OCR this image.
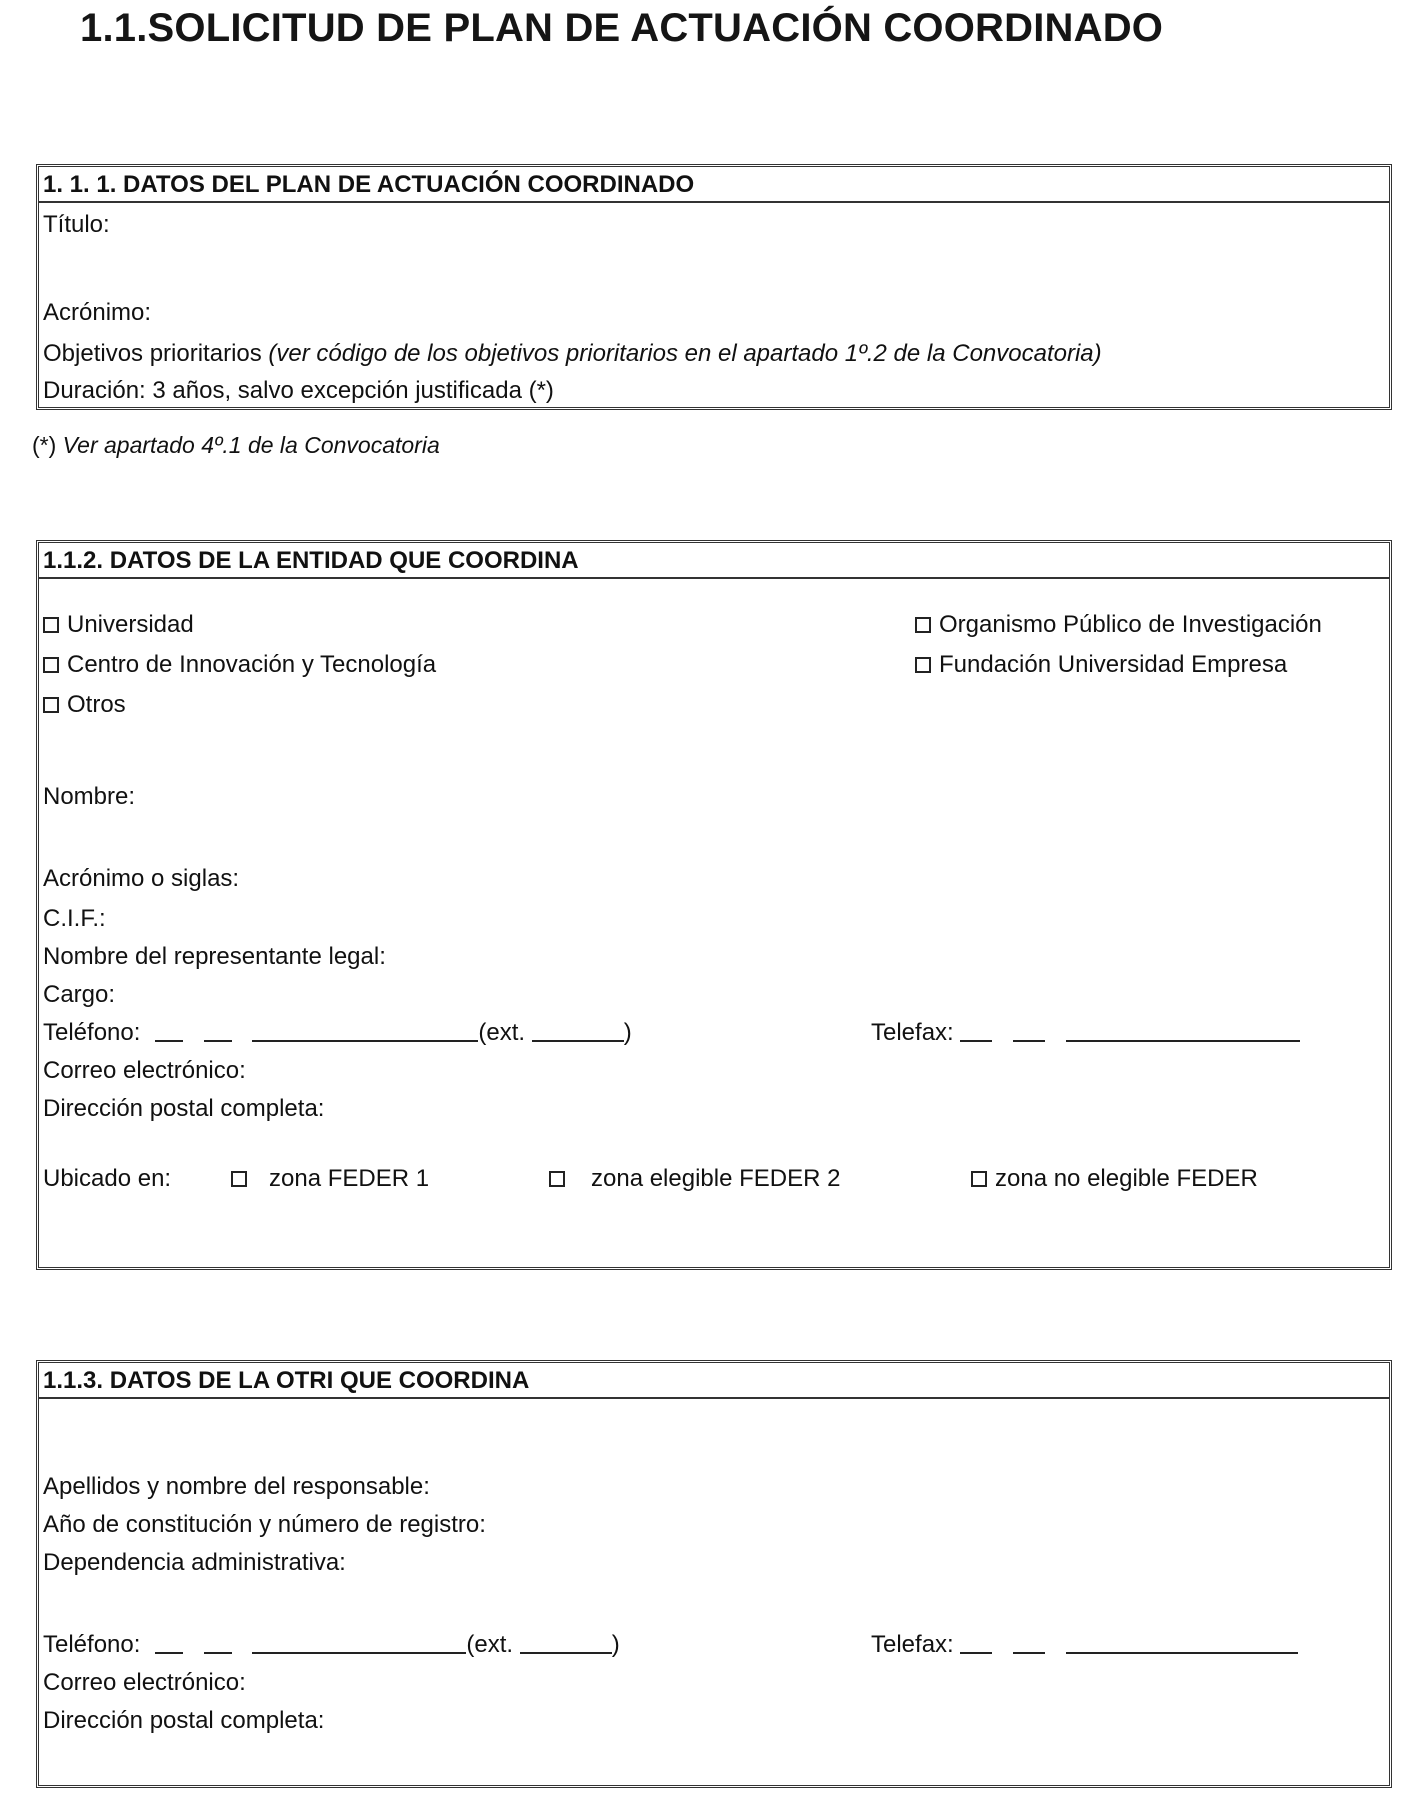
1.1.SOLICITUD DE PLAN DE ACTUACIÓN COORDINADO
1. 1. 1. DATOS DEL PLAN DE ACTUACIÓN COORDINADO
Título:
Acrónimo:
Objetivos prioritarios (ver código de los objetivos prioritarios en el apartado 1º.2 de la Convocatoria)
Duración: 3 años, salvo excepción justificada (*)
(*) Ver apartado 4º.1 de la Convocatoria
1.1.2. DATOS DE LA ENTIDAD QUE COORDINA
Universidad
Centro de Innovación y Tecnología
Otros
Organismo Público de Investigación
Fundación Universidad Empresa
Nombre:
Acrónimo o siglas:
C.I.F.:
Nombre del representante legal:
Cargo:
Teléfono:	(ext.	)	Telefax:
Correo electrónico:
Dirección postal completa:
Ubicado en:	zona FEDER 1	zona elegible FEDER 2	zona no elegible FEDER
1.1.3. DATOS DE LA OTRI QUE COORDINA
Apellidos y nombre del responsable:
Año de constitución y número de registro:
Dependencia administrativa:
Teléfono:	(ext.	)	Telefax:
Correo electrónico:
Dirección postal completa:
